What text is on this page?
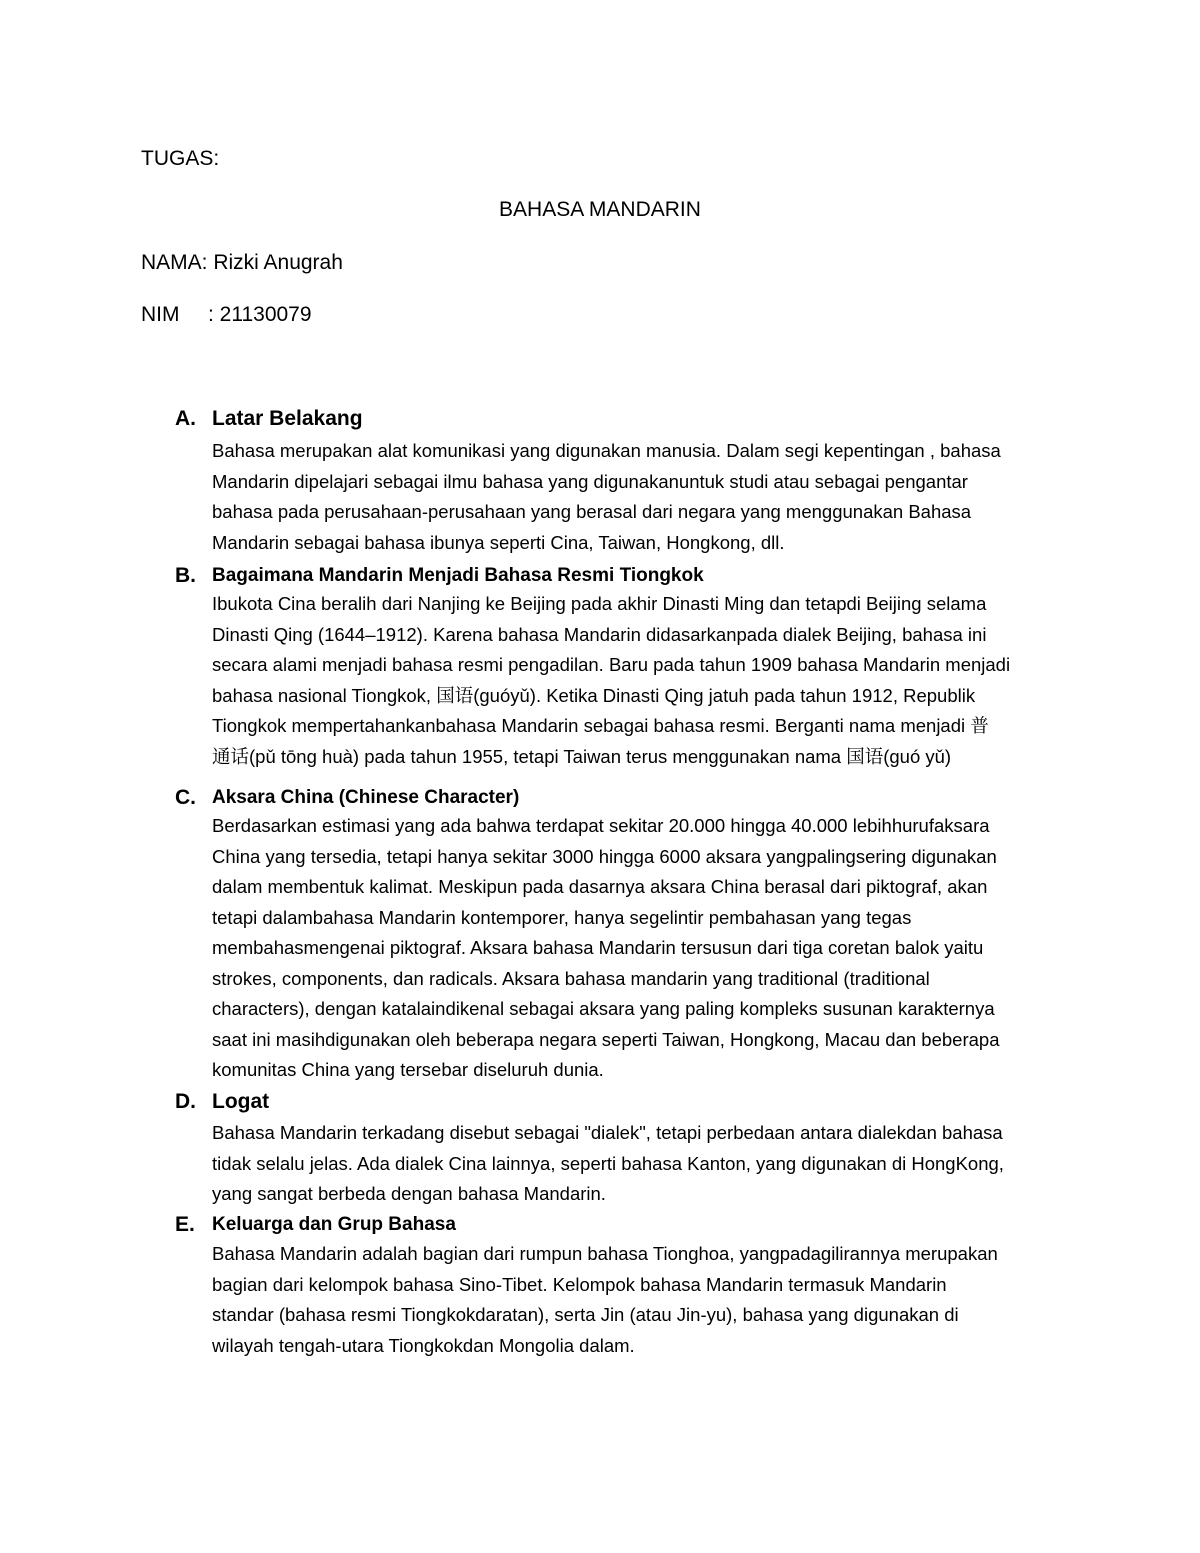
TUGAS:
BAHASA MANDARIN
NAMA: Rizki Anugrah
NIM : 21130079
A. Latar Belakang
Bahasa merupakan alat komunikasi yang digunakan manusia. Dalam segi kepentingan , bahasa
Mandarin dipelajari sebagai ilmu bahasa yang digunakanuntuk studi atau sebagai pengantar
bahasa pada perusahaan-perusahaan yang berasal dari negara yang menggunakan Bahasa
Mandarin sebagai bahasa ibunya seperti Cina, Taiwan, Hongkong, dll.
B. Bagaimana Mandarin Menjadi Bahasa Resmi Tiongkok
Ibukota Cina beralih dari Nanjing ke Beijing pada akhir Dinasti Ming dan tetapdi Beijing selama
Dinasti Qing (1644–1912). Karena bahasa Mandarin didasarkanpada dialek Beijing, bahasa ini
secara alami menjadi bahasa resmi pengadilan. Baru pada tahun 1909 bahasa Mandarin menjadi
bahasa nasional Tiongkok, 国语(guóyǔ). Ketika Dinasti Qing jatuh pada tahun 1912, Republik
Tiongkok mempertahankanbahasa Mandarin sebagai bahasa resmi. Berganti nama menjadi 普
通话(pǔ tōng huà) pada tahun 1955, tetapi Taiwan terus menggunakan nama 国语(guó yǔ)
C. Aksara China (Chinese Character)
Berdasarkan estimasi yang ada bahwa terdapat sekitar 20.000 hingga 40.000 lebihhurufaksara
China yang tersedia, tetapi hanya sekitar 3000 hingga 6000 aksara yangpalingsering digunakan
dalam membentuk kalimat. Meskipun pada dasarnya aksara China berasal dari piktograf, akan
tetapi dalambahasa Mandarin kontemporer, hanya segelintir pembahasan yang tegas
membahasmengenai piktograf. Aksara bahasa Mandarin tersusun dari tiga coretan balok yaitu
strokes, components, dan radicals. Aksara bahasa mandarin yang traditional (traditional
characters), dengan katalaindikenal sebagai aksara yang paling kompleks susunan karakternya
saat ini masihdigunakan oleh beberapa negara seperti Taiwan, Hongkong, Macau dan beberapa
komunitas China yang tersebar diseluruh dunia.
D. Logat
Bahasa Mandarin terkadang disebut sebagai "dialek", tetapi perbedaan antara dialekdan bahasa
tidak selalu jelas. Ada dialek Cina lainnya, seperti bahasa Kanton, yang digunakan di HongKong,
yang sangat berbeda dengan bahasa Mandarin.
E. Keluarga dan Grup Bahasa
Bahasa Mandarin adalah bagian dari rumpun bahasa Tionghoa, yangpadagilirannya merupakan
bagian dari kelompok bahasa Sino-Tibet. Kelompok bahasa Mandarin termasuk Mandarin
standar (bahasa resmi Tiongkokdaratan), serta Jin (atau Jin-yu), bahasa yang digunakan di
wilayah tengah-utara Tiongkokdan Mongolia dalam.
